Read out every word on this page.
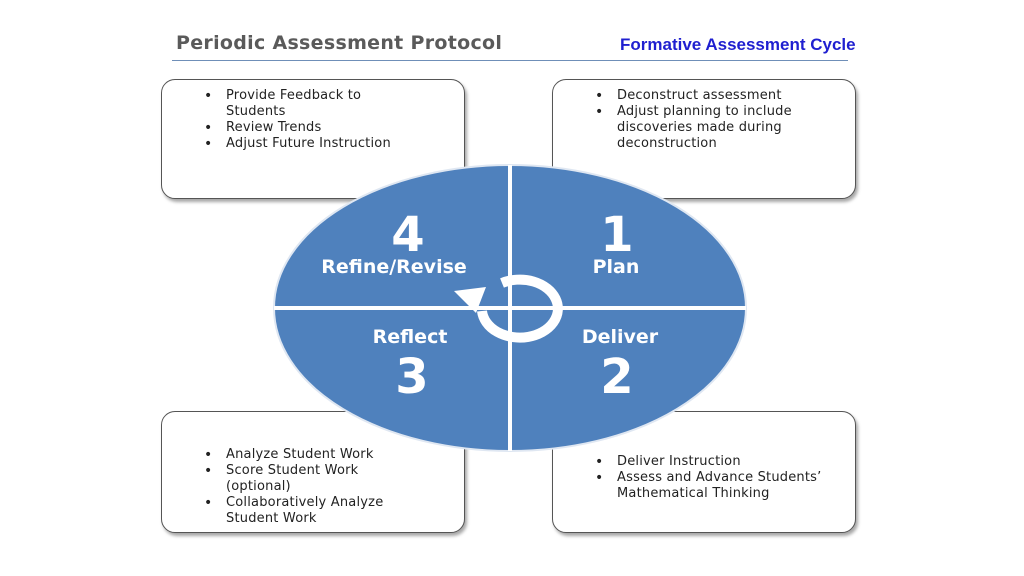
Periodic Assessment Protocol	Formative Assessment Cycle
• Provide Feedback to Students
• Review Trends
• Adjust Future Instruction
• Deconstruct assessment
• Adjust planning to include discoveries made during deconstruction
• Analyze Student Work
• Score Student Work (optional)
• Collaboratively Analyze Student Work
• Deliver Instruction
• Assess and Advance Students’ Mathematical Thinking
4
Refine/Revise
1
Plan
Reflect
3
Deliver
2
